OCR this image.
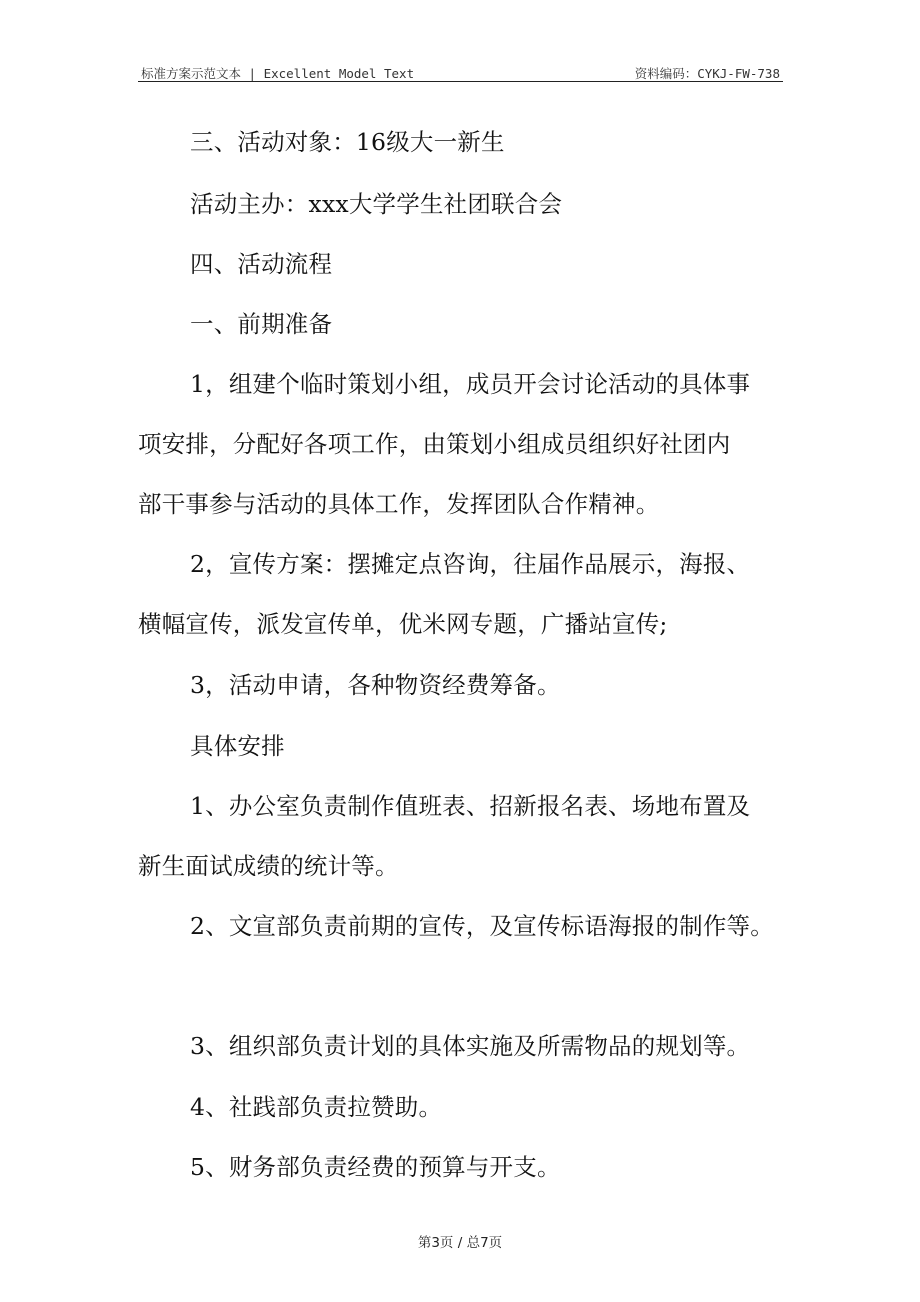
标准方案示范文本 | Excellent Model Text	资料编码：CYKJ-FW-738
三、活动对象：16级大一新生
活动主办：xxx大学学生社团联合会
四、活动流程
一、前期准备
1，组建个临时策划小组，成员开会讨论活动的具体事
项安排，分配好各项工作，由策划小组成员组织好社团内
部干事参与活动的具体工作，发挥团队合作精神。
2，宣传方案：摆摊定点咨询，往届作品展示，海报、
横幅宣传，派发宣传单，优米网专题，广播站宣传;
3，活动申请，各种物资经费筹备。
具体安排
1、办公室负责制作值班表、招新报名表、场地布置及
新生面试成绩的统计等。
2、文宣部负责前期的宣传，及宣传标语海报的制作等。
3、组织部负责计划的具体实施及所需物品的规划等。
4、社践部负责拉赞助。
5、财务部负责经费的预算与开支。
第3页 / 总7页
